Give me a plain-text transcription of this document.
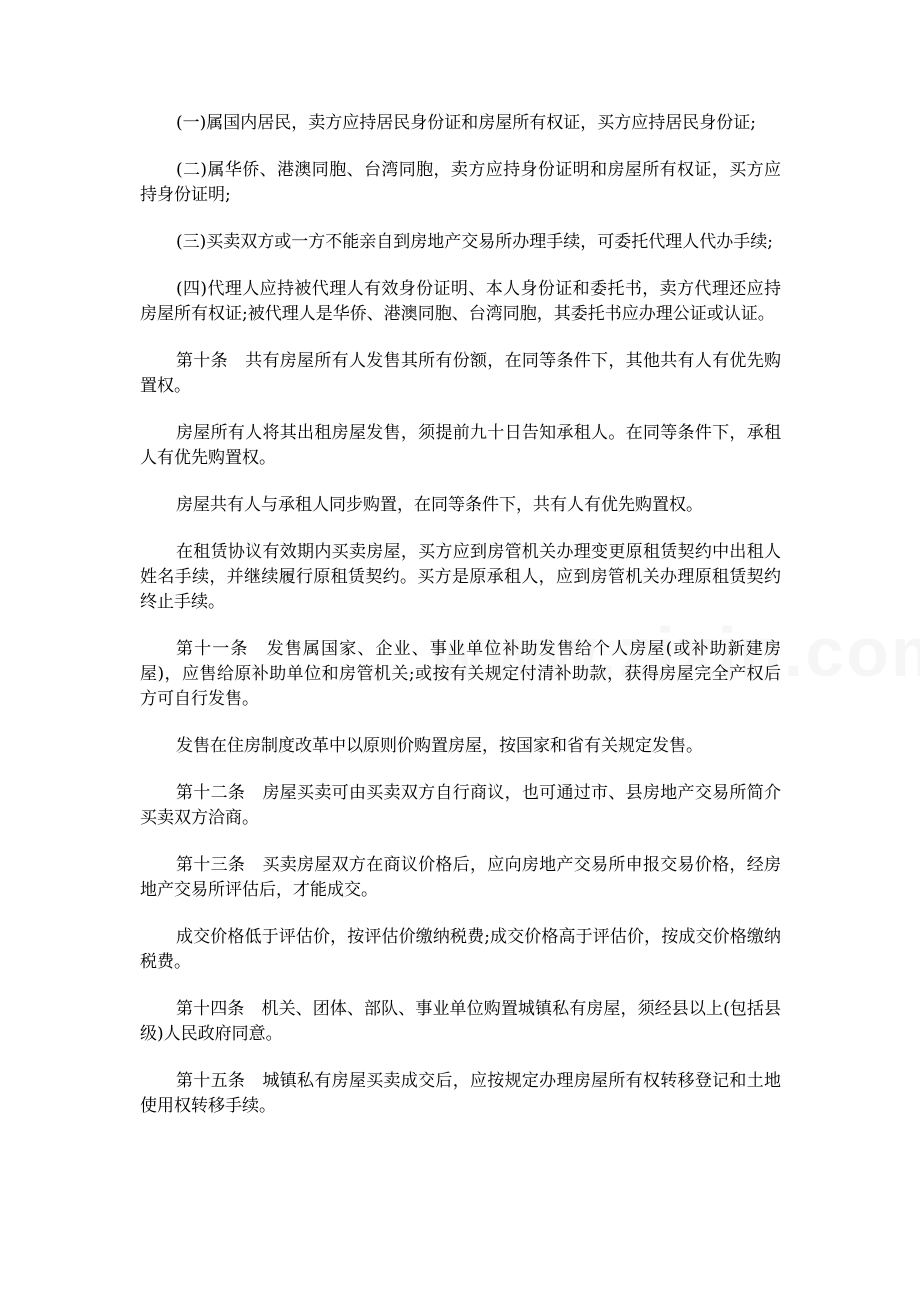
(一)属国内居民，卖方应持居民身份证和房屋所有权证，买方应持居民身份证;

(二)属华侨、港澳同胞、台湾同胞，卖方应持身份证明和房屋所有权证，买方应持身份证明;

(三)买卖双方或一方不能亲自到房地产交易所办理手续，可委托代理人代办手续;

(四)代理人应持被代理人有效身份证明、本人身份证和委托书，卖方代理还应持房屋所有权证;被代理人是华侨、港澳同胞、台湾同胞，其委托书应办理公证或认证。

第十条　共有房屋所有人发售其所有份额，在同等条件下，其他共有人有优先购置权。

房屋所有人将其出租房屋发售，须提前九十日告知承租人。在同等条件下，承租人有优先购置权。

房屋共有人与承租人同步购置，在同等条件下，共有人有优先购置权。

在租赁协议有效期内买卖房屋，买方应到房管机关办理变更原租赁契约中出租人姓名手续，并继续履行原租赁契约。买方是原承租人，应到房管机关办理原租赁契约终止手续。

第十一条　发售属国家、企业、事业单位补助发售给个人房屋(或补助新建房屋)，应售给原补助单位和房管机关;或按有关规定付清补助款，获得房屋完全产权后方可自行发售。

发售在住房制度改革中以原则价购置房屋，按国家和省有关规定发售。

第十二条　房屋买卖可由买卖双方自行商议，也可通过市、县房地产交易所简介买卖双方洽商。

第十三条　买卖房屋双方在商议价格后，应向房地产交易所申报交易价格，经房地产交易所评估后，才能成交。

成交价格低于评估价，按评估价缴纳税费;成交价格高于评估价，按成交价格缴纳税费。

第十四条　机关、团体、部队、事业单位购置城镇私有房屋，须经县以上(包括县级)人民政府同意。

第十五条　城镇私有房屋买卖成交后，应按规定办理房屋所有权转移登记和土地使用权转移手续。
